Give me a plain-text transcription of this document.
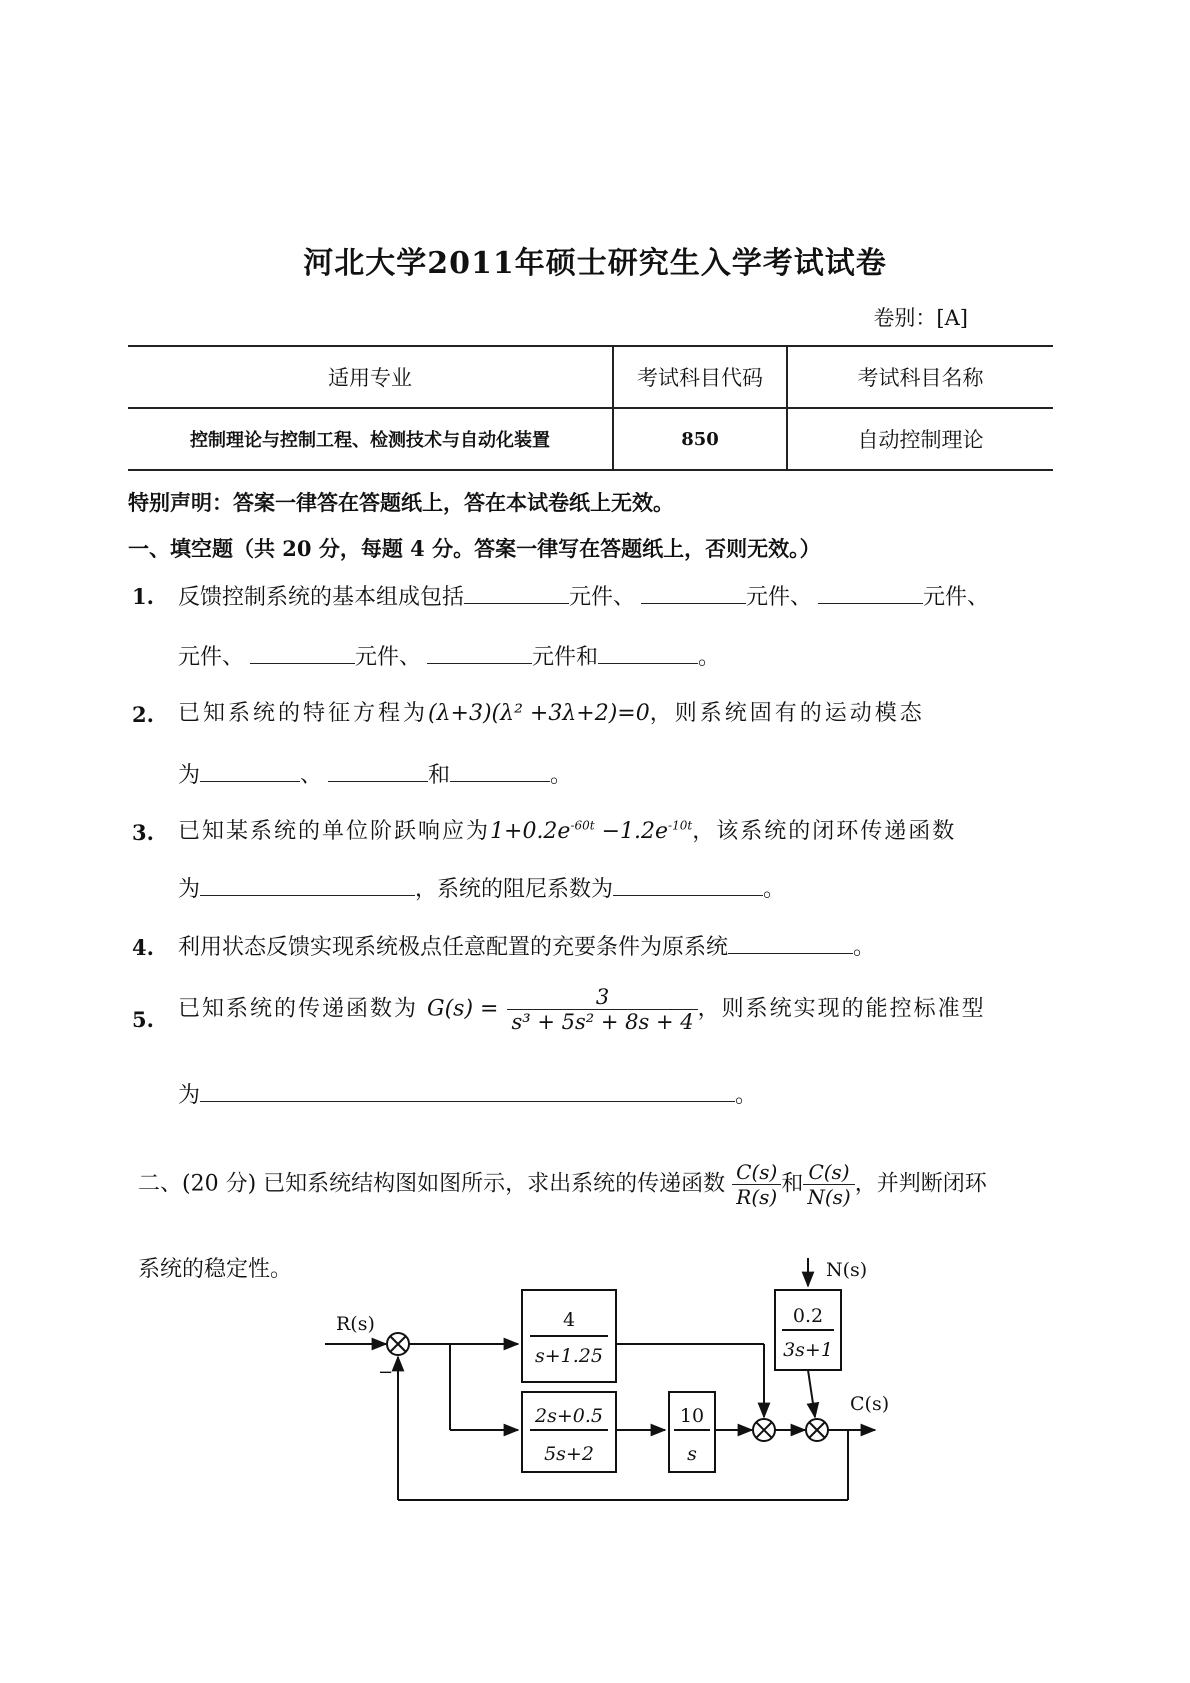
河北大学2011年硕士研究生入学考试试卷
卷别：[A]
适用专业	考试科目代码	考试科目名称
控制理论与控制工程、检测技术与自动化装置	850	自动控制理论
特别声明：答案一律答在答题纸上，答在本试卷纸上无效。
一、填空题（共 20 分，每题 4 分。答案一律写在答题纸上，否则无效。）
1. 反馈控制系统的基本组成包括	元件、	元件、	元件、
元件、	元件、	元件和	。
2. 已知系统的特征方程为(λ+3)(λ² +3λ+2)=0，则系统固有的运动模态
为	、	和	。
3. 已知某系统的单位阶跃响应为$1+0.2e^{-60t} -1.2e^{-10t}$，该系统的闭环传递函数
为	，系统的阻尼系数为	。
4. 利用状态反馈实现系统极点任意配置的充要条件为原系统	。
5. 已知系统的传递函数为 $G(s) = \frac{3}{\text{s³ + 5s² + 8s + 4}}$ ，则系统实现的能控标准型
为	。
二、(20 分) 已知系统结构图如图所示，求出系统的传递函数 $\frac{C(s)}{R(s)}$ 和 $\frac{C(s)}{N(s)}$ ，并判断闭环
系统的稳定性。
R(s)
−
N(s)
C(s)
4
s+1.25
2s+0.5
5s+2
10
s
0.2
3s+1
